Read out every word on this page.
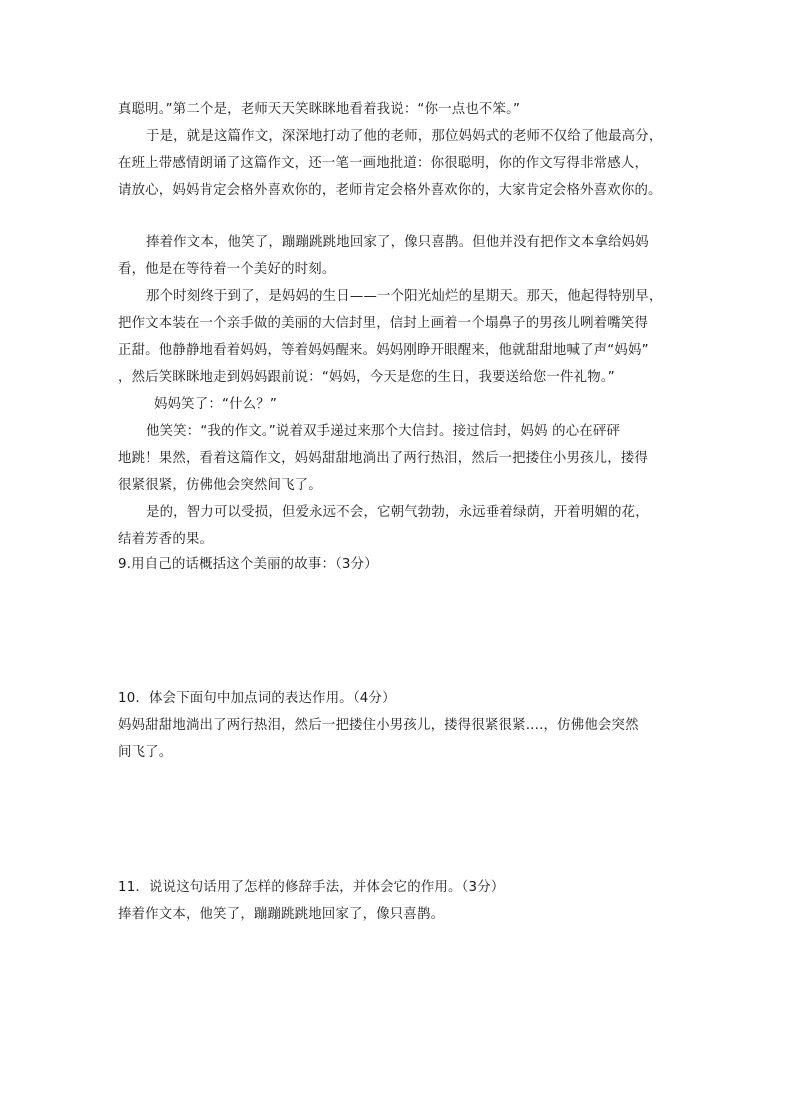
真聪明。”第二个是，老师天天笑眯眯地看着我说：“你一点也不笨。”
于是，就是这篇作文，深深地打动了他的老师，那位妈妈式的老师不仅给了他最高分，
在班上带感情朗诵了这篇作文，还一笔一画地批道：你很聪明，你的作文写得非常感人，
请放心，妈妈肯定会格外喜欢你的，老师肯定会格外喜欢你的，大家肯定会格外喜欢你的。
捧着作文本，他笑了，蹦蹦跳跳地回家了，像只喜鹊。但他并没有把作文本拿给妈妈
看，他是在等待着一个美好的时刻。
那个时刻终于到了，是妈妈的生日——一个阳光灿烂的星期天。那天，他起得特别早，
把作文本装在一个亲手做的美丽的大信封里，信封上画着一个塌鼻子的男孩儿咧着嘴笑得
正甜。他静静地看着妈妈，等着妈妈醒来。妈妈刚睁开眼醒来，他就甜甜地喊了声“妈妈”
，然后笑眯眯地走到妈妈跟前说：“妈妈，今天是您的生日，我要送给您一件礼物。”
妈妈笑了：“什么？”
他笑笑：“我的作文。”说着双手递过来那个大信封。接过信封，妈妈 的心在砰砰
地跳！果然，看着这篇作文，妈妈甜甜地淌出了两行热泪，然后一把搂住小男孩儿，搂得
很紧很紧，仿佛他会突然间飞了。
是的，智力可以受损，但爱永远不会，它朝气勃勃，永远垂着绿荫，开着明媚的花，
结着芳香的果。
9.用自己的话概括这个美丽的故事：（3分）
10．体会下面句中加点词的表达作用。（4分）
妈妈甜甜地淌出了两行热泪，然后一把搂住小男孩儿，搂得很紧很紧....，仿佛他会突然
间飞了。
11．说说这句话用了怎样的修辞手法，并体会它的作用。（3分）
捧着作文本，他笑了，蹦蹦跳跳地回家了，像只喜鹊。
